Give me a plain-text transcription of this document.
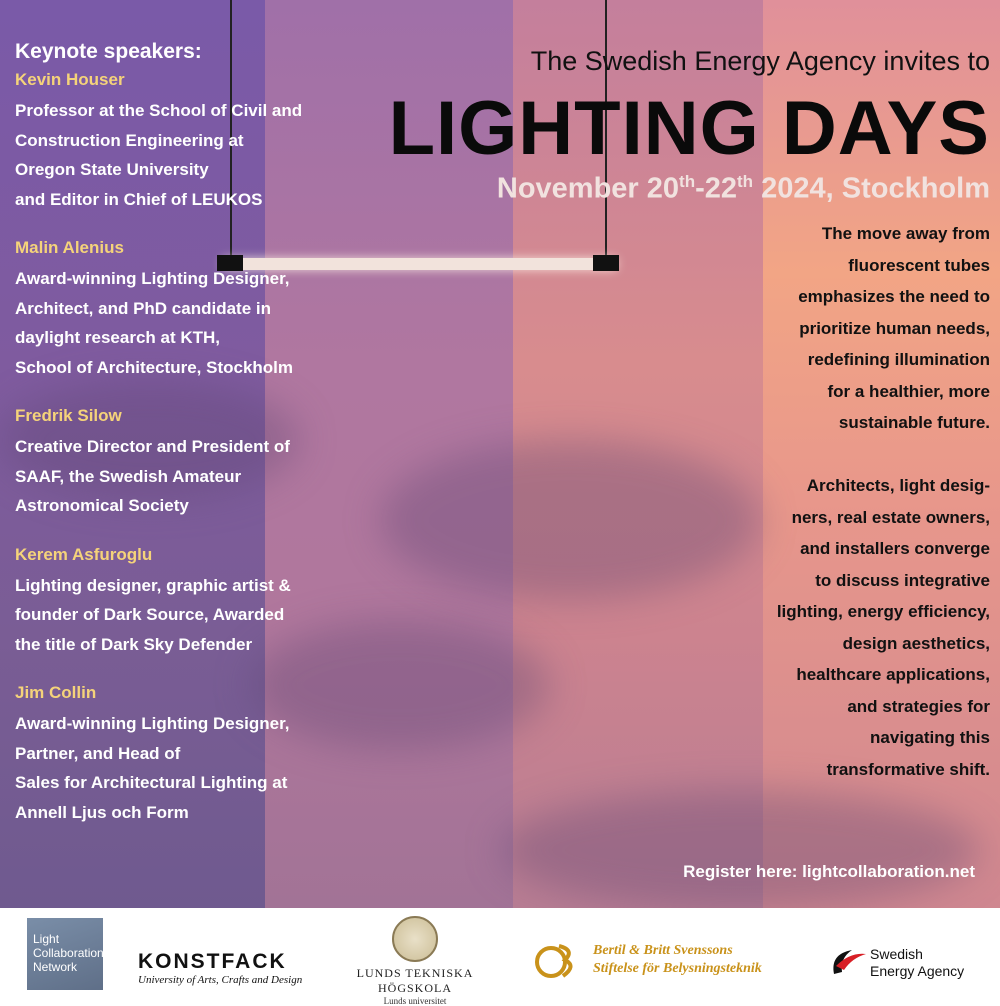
Keynote speakers:
Kevin Houser
Professor at the School of Civil and
Construction Engineering at
Oregon State University
and Editor in Chief of LEUKOS
Malin Alenius
Award-winning Lighting Designer,
Architect, and PhD candidate in
daylight research at KTH,
School of Architecture, Stockholm
Fredrik Silow
Creative Director and President of
SAAF, the Swedish Amateur
Astronomical Society
Kerem Asfuroglu
Lighting designer, graphic artist &
founder of Dark Source, Awarded
the title of Dark Sky Defender
Jim Collin
Award-winning Lighting Designer,
Partner, and Head of
Sales for Architectural Lighting at
Annell Ljus och Form
The Swedish Energy Agency invites to
LIGHTING DAYS
November 20th-22th 2024, Stockholm
The move away from
fluorescent tubes
emphasizes the need to
prioritize human needs,
redefining illumination
for a healthier, more
sustainable future.
Architects, light desig-
ners, real estate owners,
and installers converge
to discuss integrative
lighting, energy efficiency,
design aesthetics,
healthcare applications,
and strategies for
navigating this
transformative shift.
Register here: lightcollaboration.net
Light
Collaboration
Network	KONSTFACK
University of Arts, Crafts and Design	LUNDS TEKNISKA HÖGSKOLA
Lunds universitet
Bertil & Britt Svenssons
Stiftelse för Belysningsteknik
Swedish
Energy Agency
